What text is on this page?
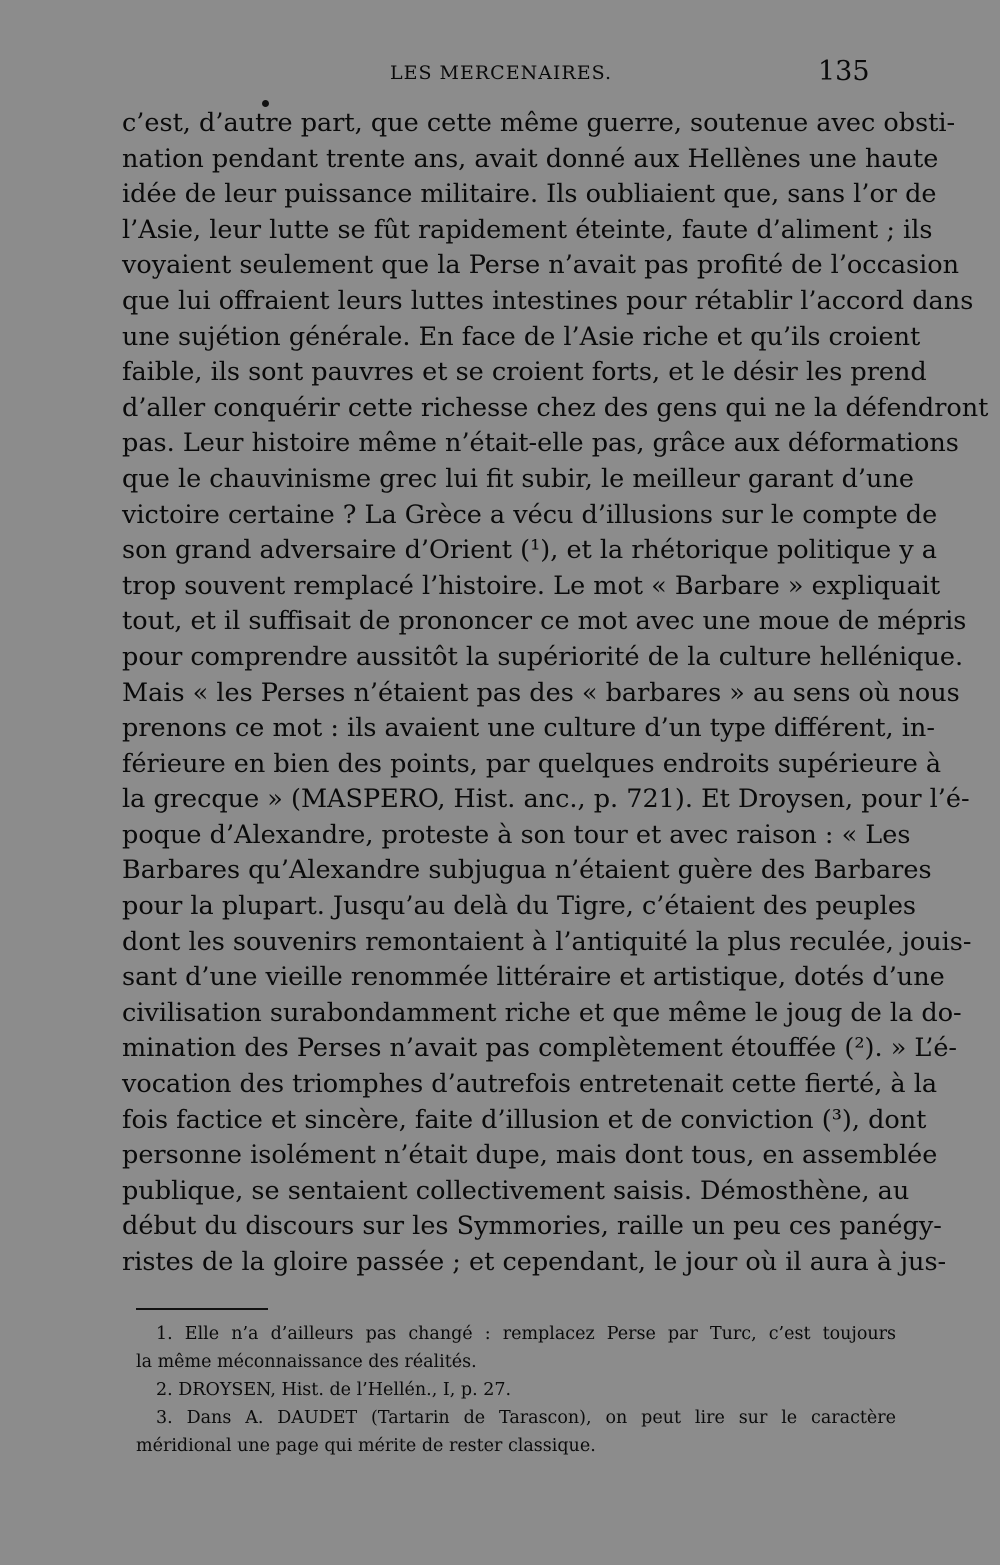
LES MERCENAIRES.	135
c’est, d’autre part, que cette même guerre, soutenue avec obsti-
nation pendant trente ans, avait donné aux Hellènes une haute
idée de leur puissance militaire. Ils oubliaient que, sans l’or de
l’Asie, leur lutte se fût rapidement éteinte, faute d’aliment ; ils
voyaient seulement que la Perse n’avait pas profité de l’occasion
que lui offraient leurs luttes intestines pour rétablir l’accord dans
une sujétion générale. En face de l’Asie riche et qu’ils croient
faible, ils sont pauvres et se croient forts, et le désir les prend
d’aller conquérir cette richesse chez des gens qui ne la défendront
pas. Leur histoire même n’était-elle pas, grâce aux déformations
que le chauvinisme grec lui fit subir, le meilleur garant d’une
victoire certaine ? La Grèce a vécu d’illusions sur le compte de
son grand adversaire d’Orient (¹), et la rhétorique politique y a
trop souvent remplacé l’histoire. Le mot « Barbare » expliquait
tout, et il suffisait de prononcer ce mot avec une moue de mépris
pour comprendre aussitôt la supériorité de la culture hellénique.
Mais « les Perses n’étaient pas des « barbares » au sens où nous
prenons ce mot : ils avaient une culture d’un type différent, in-
férieure en bien des points, par quelques endroits supérieure à
la grecque » (MASPERO, Hist. anc., p. 721). Et Droysen, pour l’é-
poque d’Alexandre, proteste à son tour et avec raison : « Les
Barbares qu’Alexandre subjugua n’étaient guère des Barbares
pour la plupart. Jusqu’au delà du Tigre, c’étaient des peuples
dont les souvenirs remontaient à l’antiquité la plus reculée, jouis-
sant d’une vieille renommée littéraire et artistique, dotés d’une
civilisation surabondamment riche et que même le joug de la do-
mination des Perses n’avait pas complètement étouffée (²). » L’é-
vocation des triomphes d’autrefois entretenait cette fierté, à la
fois factice et sincère, faite d’illusion et de conviction (³), dont
personne isolément n’était dupe, mais dont tous, en assemblée
publique, se sentaient collectivement saisis. Démosthène, au
début du discours sur les Symmories, raille un peu ces panégy-
ristes de la gloire passée ; et cependant, le jour où il aura à jus-
1. Elle n’a d’ailleurs pas changé : remplacez Perse par Turc, c’est toujours
la même méconnaissance des réalités.
2. DROYSEN, Hist. de l’Hellén., I, p. 27.
3. Dans A. DAUDET (Tartarin de Tarascon), on peut lire sur le caractère
méridional une page qui mérite de rester classique.
